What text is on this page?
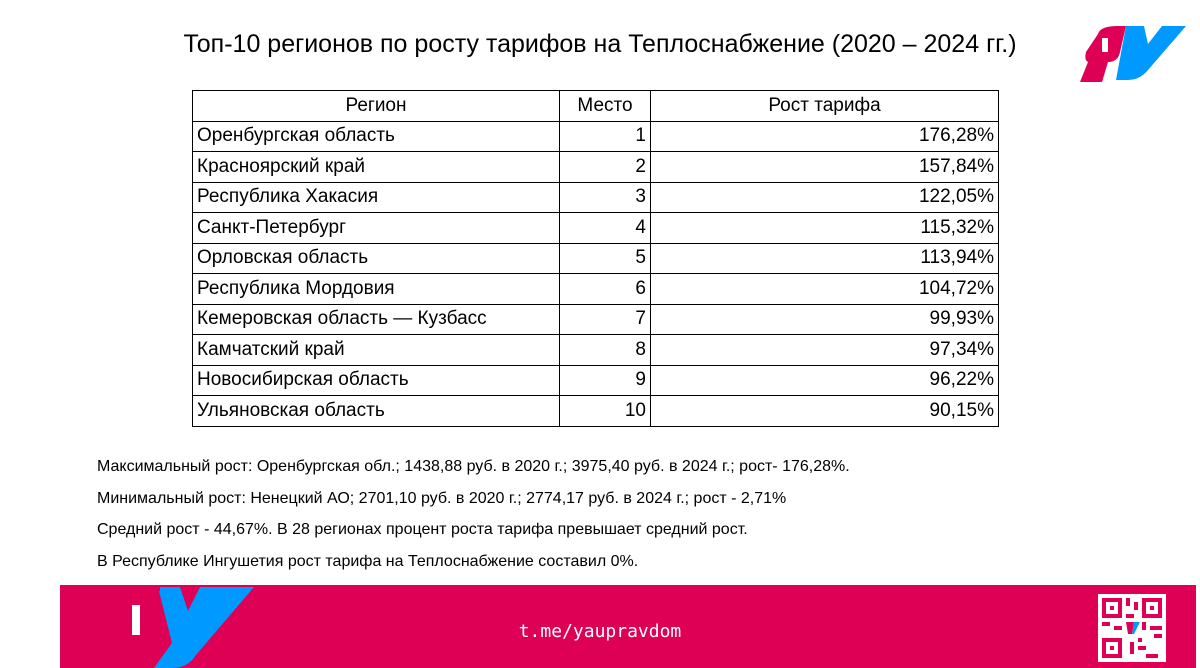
Топ-10 регионов по росту тарифов на Теплоснабжение (2020 – 2024 гг.)
Регион	Место	Рост тарифа
Оренбургская область	1	176,28%
Красноярский край	2	157,84%
Республика Хакасия	3	122,05%
Санкт-Петербург	4	115,32%
Орловская область	5	113,94%
Республика Мордовия	6	104,72%
Кемеровская область — Кузбасс	7	99,93%
Камчатский край	8	97,34%
Новосибирская область	9	96,22%
Ульяновская область	10	90,15%
Максимальный рост: Оренбургская обл.; 1438,88 руб. в 2020 г.; 3975,40 руб. в 2024 г.; рост- 176,28%.
Минимальный рост: Ненецкий АО; 2701,10 руб. в 2020 г.; 2774,17 руб. в 2024 г.; рост - 2,71%
Средний рост - 44,67%. В 28 регионах процент роста тарифа превышает средний рост.
В Республике Ингушетия рост тарифа на Теплоснабжение составил 0%.
t.me/yaupravdom
